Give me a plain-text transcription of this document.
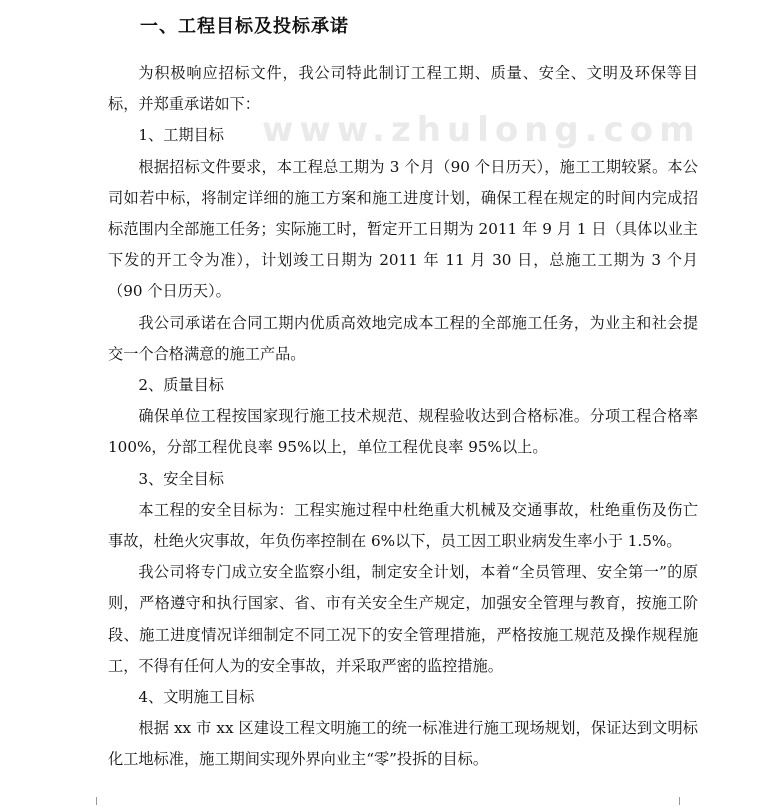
一、工程目标及投标承诺
www.zhulong.com

为积极响应招标文件，我公司特此制订工程工期、质量、安全、文明及环保等目标，并郑重承诺如下：

1、工期目标

根据招标文件要求，本工程总工期为 3 个月（90 个日历天），施工工期较紧。本公司如若中标，将制定详细的施工方案和施工进度计划，确保工程在规定的时间内完成招标范围内全部施工任务；实际施工时，暂定开工日期为 2011 年 9 月 1 日（具体以业主下发的开工令为准），计划竣工日期为 2011 年 11 月 30 日，总施工工期为 3 个月（90 个日历天）。

我公司承诺在合同工期内优质高效地完成本工程的全部施工任务，为业主和社会提交一个合格满意的施工产品。

2、质量目标

确保单位工程按国家现行施工技术规范、规程验收达到合格标准。分项工程合格率 100%，分部工程优良率 95%以上，单位工程优良率 95%以上。

3、安全目标

本工程的安全目标为：工程实施过程中杜绝重大机械及交通事故，杜绝重伤及伤亡事故，杜绝火灾事故，年负伤率控制在 6%以下，员工因工职业病发生率小于 1.5%。

我公司将专门成立安全监察小组，制定安全计划，本着“全员管理、安全第一”的原则，严格遵守和执行国家、省、市有关安全生产规定，加强安全管理与教育，按施工阶段、施工进度情况详细制定不同工况下的安全管理措施，严格按施工规范及操作规程施工，不得有任何人为的安全事故，并采取严密的监控措施。

4、文明施工目标

根据 xx 市 xx 区建设工程文明施工的统一标准进行施工现场规划，保证达到文明标化工地标准，施工期间实现外界向业主“零”投拆的目标。
